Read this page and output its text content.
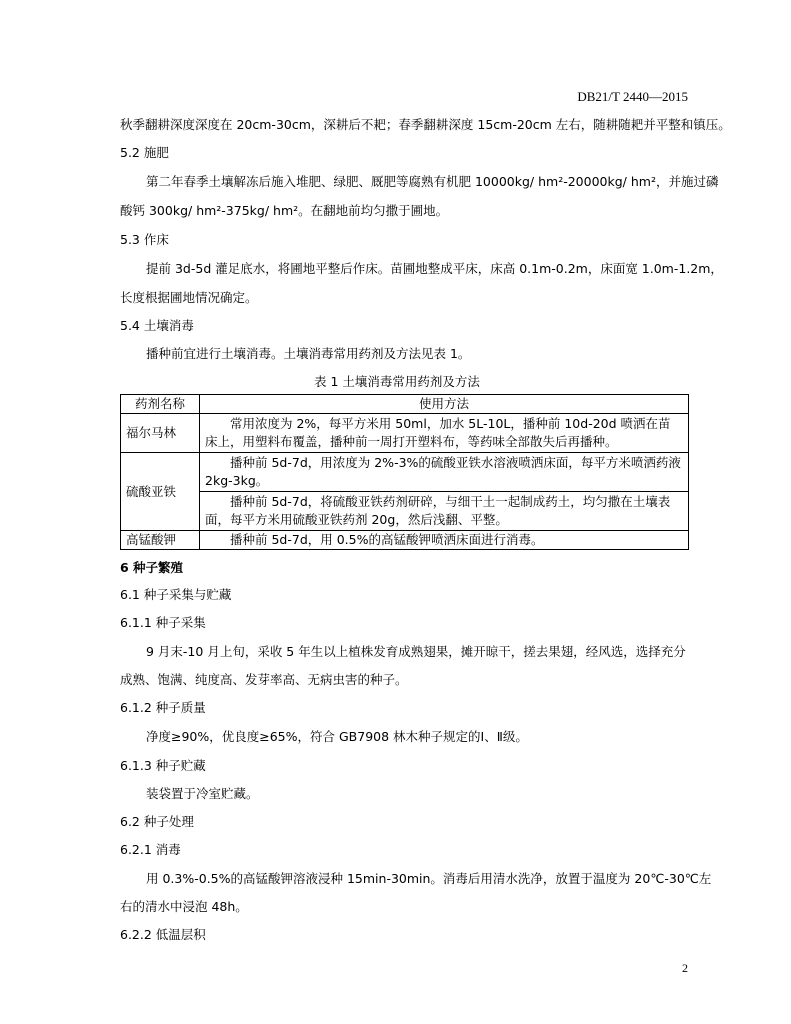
DB21/T 2440—2015
秋季翻耕深度深度在 20cm-30cm，深耕后不耙；春季翻耕深度 15cm-20cm 左右，随耕随耙并平整和镇压。
5.2 施肥
第二年春季土壤解冻后施入堆肥、绿肥、厩肥等腐熟有机肥 10000kg/ hm²-20000kg/ hm²，并施过磷
酸钙 300kg/ hm²-375kg/ hm²。在翻地前均匀撒于圃地。
5.3 作床
提前 3d-5d 灌足底水，将圃地平整后作床。苗圃地整成平床，床高 0.1m-0.2m，床面宽 1.0m-1.2m，
长度根据圃地情况确定。
5.4 土壤消毒
播种前宜进行土壤消毒。土壤消毒常用药剂及方法见表 1。
表 1 土壤消毒常用药剂及方法
药剂名称	使用方法
福尔马林	常用浓度为 2%，每平方米用 50ml，加水 5L-10L，播种前 10d-20d 喷洒在苗床上，用塑料布覆盖，播种前一周打开塑料布，等药味全部散失后再播种。

硫酸亚铁	播种前 5d-7d，用浓度为 2%-3%的硫酸亚铁水溶液喷洒床面，每平方米喷洒药液 2kg-3kg。

	播种前 5d-7d，将硫酸亚铁药剂研碎，与细干土一起制成药土，均匀撒在土壤表面，每平方米用硫酸亚铁药剂 20g，然后浅翻、平整。

高锰酸钾	播种前 5d-7d，用 0.5%的高锰酸钾喷洒床面进行消毒。
6 种子繁殖
6.1 种子采集与贮藏
6.1.1 种子采集
9 月末-10 月上旬，采收 5 年生以上植株发育成熟翅果，摊开晾干，搓去果翅，经风选，选择充分
成熟、饱满、纯度高、发芽率高、无病虫害的种子。
6.1.2 种子质量
净度≥90%，优良度≥65%，符合 GB7908 林木种子规定的Ⅰ、Ⅱ级。
6.1.3 种子贮藏
装袋置于冷室贮藏。
6.2 种子处理
6.2.1 消毒
用 0.3%-0.5%的高锰酸钾溶液浸种 15min-30min。消毒后用清水洗净，放置于温度为 20℃-30℃左
右的清水中浸泡 48h。
6.2.2 低温层积
2
